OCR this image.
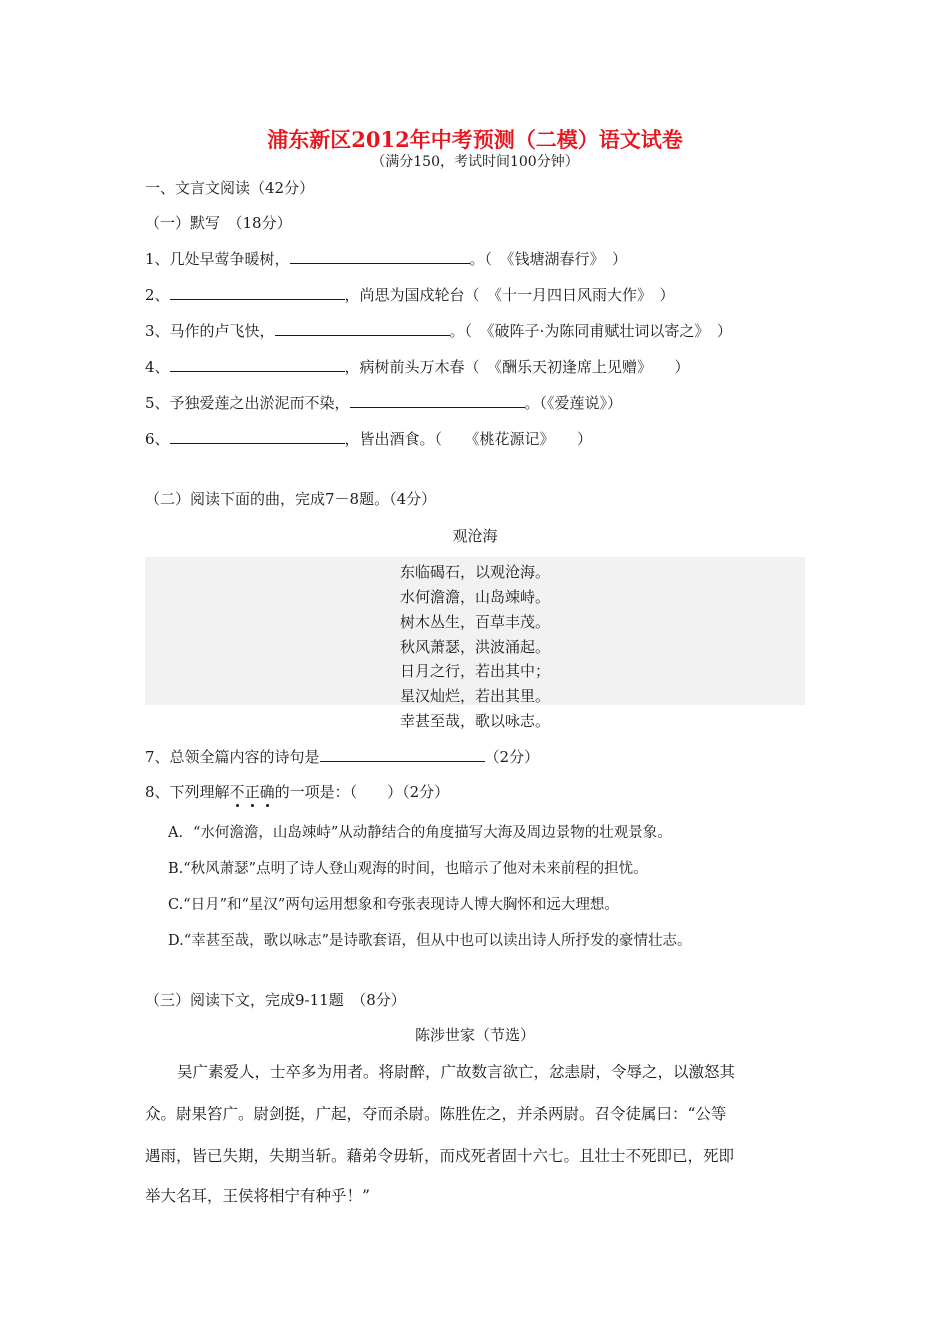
浦东新区2012年中考预测（二模）语文试卷
（满分150，考试时间100分钟）
一、文言文阅读（42分）
（一）默写　（18分）
1、几处早莺争暖树，	。（　《钱塘湖春行》　）
2、	，尚思为国戍轮台（　《十一月四日风雨大作》　）
3、马作的卢飞快，	。（　《破阵子·为陈同甫赋壮词以寄之》　）
4、	，病树前头万木春（　《酬乐天初逢席上见赠》　　）
5、予独爱莲之出淤泥而不染，	。（《爱莲说》）
6、	，皆出酒食。（　　《桃花源记》　　）
（二）阅读下面的曲，完成7－8题。（4分）
观沧海
东临碣石，以观沧海。
水何澹澹，山岛竦峙。
树木丛生，百草丰茂。
秋风萧瑟，洪波涌起。
日月之行，若出其中；
星汉灿烂，若出其里。
幸甚至哉，歌以咏志。
7、总领全篇内容的诗句是	（2分）
8、下列理解不正确的一项是：（　　）（2分）
A．“水何澹澹，山岛竦峙”从动静结合的角度描写大海及周边景物的壮观景象。
B.“秋风萧瑟”点明了诗人登山观海的时间，也暗示了他对未来前程的担忧。
C.“日月”和“星汉”两句运用想象和夸张表现诗人博大胸怀和远大理想。
D.“幸甚至哉，歌以咏志”是诗歌套语，但从中也可以读出诗人所抒发的豪情壮志。
（三）阅读下文，完成9-11题　（8分）
陈涉世家（节选）
吴广素爱人，士卒多为用者。将尉醉，广故数言欲亡，忿恚尉，令辱之，以激怒其
众。尉果笞广。尉剑挺，广起，夺而杀尉。陈胜佐之，并杀两尉。召令徒属曰：“公等
遇雨，皆已失期，失期当斩。藉弟令毋斩，而戍死者固十六七。且壮士不死即已，死即
举大名耳，王侯将相宁有种乎！”
